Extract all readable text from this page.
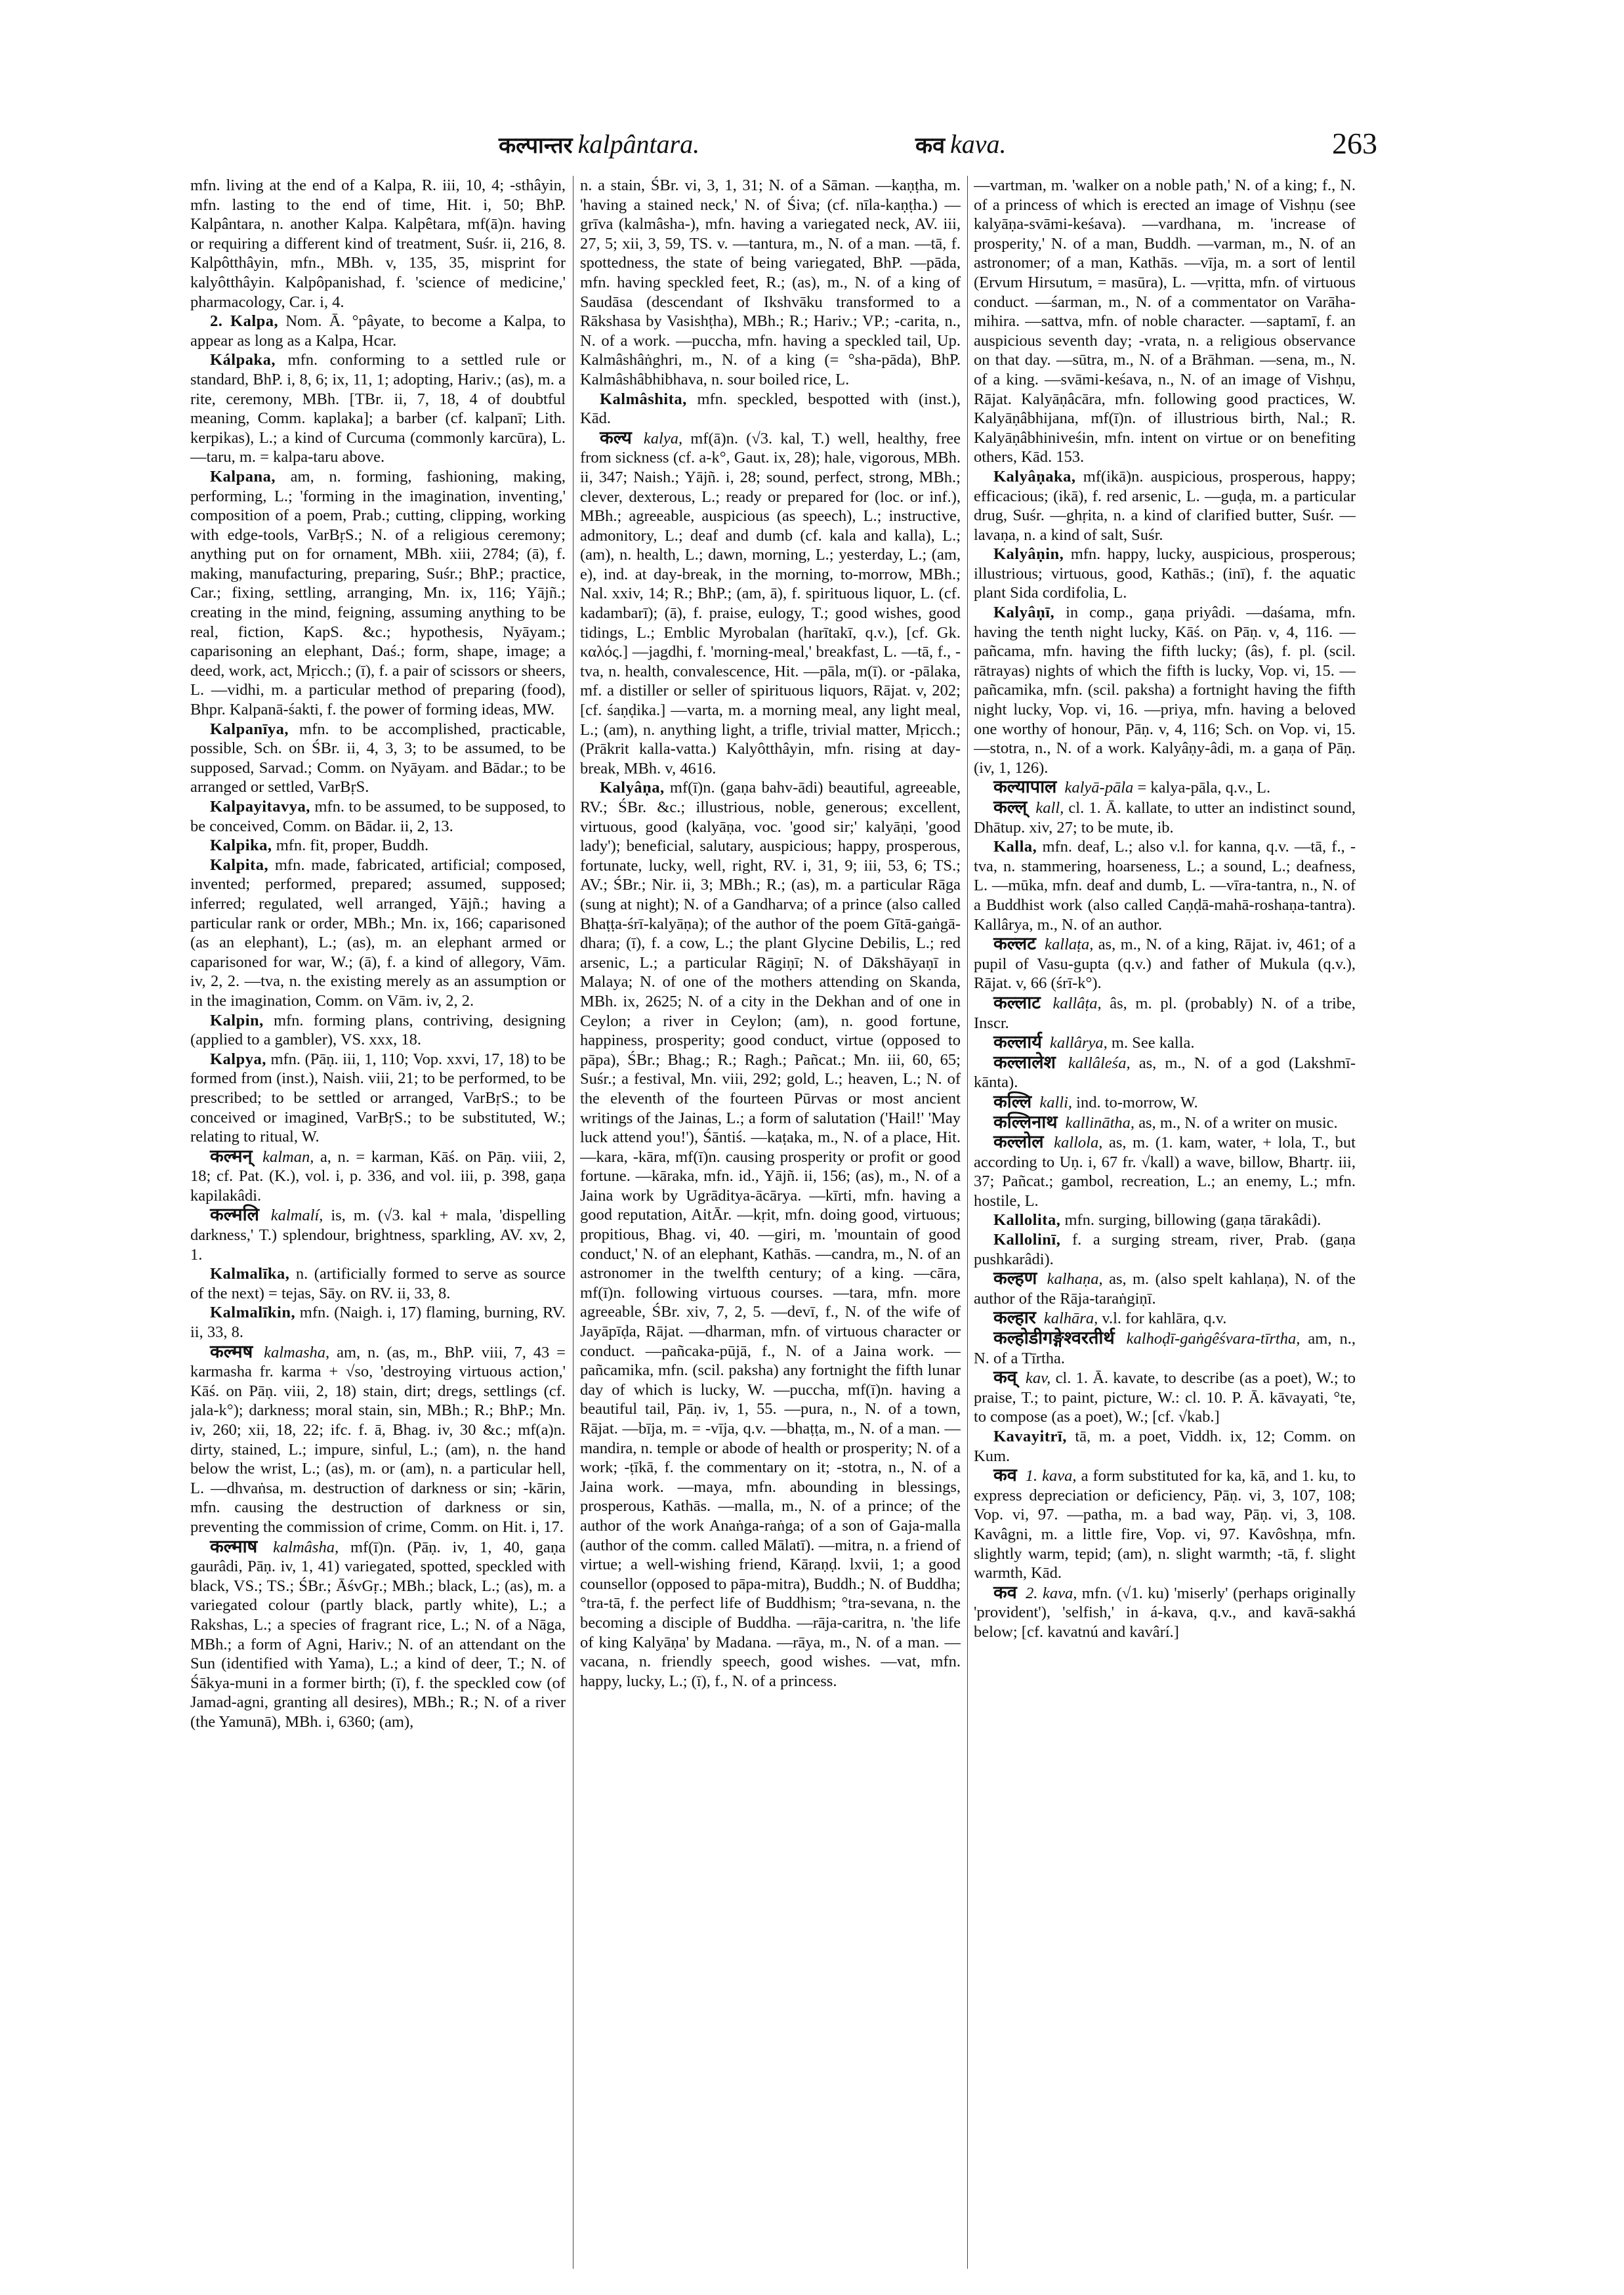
कल्पान्तर kalpântara.	कव kava.	263

mfn. living at the end of a Kalpa, R. iii, 10, 4; -sthâyin, mfn. lasting to the end of time, Hit. i, 50; BhP. Kalpântara, n. another Kalpa. Kalpêtara, mf(ā)n. having or requiring a different kind of treatment, Suśr. ii, 216, 8. Kalpôtthâyin, mfn., MBh. v, 135, 35, misprint for kalyôtthâyin. Kalpôpanishad, f. 'science of medicine,' pharmacology, Car. i, 4.

2. Kalpa, Nom. Ā. °pâyate, to become a Kalpa, to appear as long as a Kalpa, Hcar.

Kálpaka, mfn. conforming to a settled rule or standard, BhP. i, 8, 6; ix, 11, 1; adopting, Hariv.; (as), m. a rite, ceremony, MBh. [TBr. ii, 7, 18, 4 of doubtful meaning, Comm. kaplaka]; a barber (cf. kalpanī; Lith. kerpikas), L.; a kind of Curcuma (commonly karcūra), L. —taru, m. = kalpa-taru above.

Kalpana, am, n. forming, fashioning, making, performing, L.; 'forming in the imagination, inventing,' composition of a poem, Prab.; cutting, clipping, working with edge-tools, VarBṛS.; N. of a religious ceremony; anything put on for ornament, MBh. xiii, 2784; (ā), f. making, manufacturing, preparing, Suśr.; BhP.; practice, Car.; fixing, settling, arranging, Mn. ix, 116; Yājñ.; creating in the mind, feigning, assuming anything to be real, fiction, KapS. &c.; hypothesis, Nyāyam.; caparisoning an elephant, Daś.; form, shape, image; a deed, work, act, Mṛicch.; (ī), f. a pair of scissors or sheers, L. —vidhi, m. a particular method of preparing (food), Bhpr. Kalpanā-śakti, f. the power of forming ideas, MW.

Kalpanīya, mfn. to be accomplished, practicable, possible, Sch. on ŚBr. ii, 4, 3, 3; to be assumed, to be supposed, Sarvad.; Comm. on Nyāyam. and Bādar.; to be arranged or settled, VarBṛS.

Kalpayitavya, mfn. to be assumed, to be supposed, to be conceived, Comm. on Bādar. ii, 2, 13.

Kalpika, mfn. fit, proper, Buddh.

Kalpita, mfn. made, fabricated, artificial; composed, invented; performed, prepared; assumed, supposed; inferred; regulated, well arranged, Yājñ.; having a particular rank or order, MBh.; Mn. ix, 166; caparisoned (as an elephant), L.; (as), m. an elephant armed or caparisoned for war, W.; (ā), f. a kind of allegory, Vām. iv, 2, 2. —tva, n. the existing merely as an assumption or in the imagination, Comm. on Vām. iv, 2, 2.

Kalpin, mfn. forming plans, contriving, designing (applied to a gambler), VS. xxx, 18.

Kalpya, mfn. (Pāṇ. iii, 1, 110; Vop. xxvi, 17, 18) to be formed from (inst.), Naish. viii, 21; to be performed, to be prescribed; to be settled or arranged, VarBṛS.; to be conceived or imagined, VarBṛS.; to be substituted, W.; relating to ritual, W.

कल्मन् kalman, a, n. = karman, Kāś. on Pāṇ. viii, 2, 18; cf. Pat. (K.), vol. i, p. 336, and vol. iii, p. 398, gaṇa kapilakâdi.

कल्मलि kalmalí, is, m. (√3. kal + mala, 'dispelling darkness,' T.) splendour, brightness, sparkling, AV. xv, 2, 1.

Kalmalīka, n. (artificially formed to serve as source of the next) = tejas, Sāy. on RV. ii, 33, 8.

Kalmalīkin, mfn. (Naigh. i, 17) flaming, burning, RV. ii, 33, 8.

कल्मष kalmasha, am, n. (as, m., BhP. viii, 7, 43 = karmasha fr. karma + √so, 'destroying virtuous action,' Kāś. on Pāṇ. viii, 2, 18) stain, dirt; dregs, settlings (cf. jala-k°); darkness; moral stain, sin, MBh.; R.; BhP.; Mn. iv, 260; xii, 18, 22; ifc. f. ā, Bhag. iv, 30 &c.; mf(a)n. dirty, stained, L.; impure, sinful, L.; (am), n. the hand below the wrist, L.; (as), m. or (am), n. a particular hell, L. —dhvaṅsa, m. destruction of darkness or sin; -kārin, mfn. causing the destruction of darkness or sin, preventing the commission of crime, Comm. on Hit. i, 17.

कल्माष kalmâsha, mf(ī)n. (Pāṇ. iv, 1, 40, gaṇa gaurâdi, Pāṇ. iv, 1, 41) variegated, spotted, speckled with black, VS.; TS.; ŚBr.; ĀśvGṛ.; MBh.; black, L.; (as), m. a variegated colour (partly black, partly white), L.; a Rakshas, L.; a species of fragrant rice, L.; N. of a Nāga, MBh.; a form of Agni, Hariv.; N. of an attendant on the Sun (identified with Yama), L.; a kind of deer, T.; N. of Śākya-muni in a former birth; (ī), f. the speckled cow (of Jamad-agni, granting all desires), MBh.; R.; N. of a river (the Yamunā), MBh. i, 6360; (am),

n. a stain, ŚBr. vi, 3, 1, 31; N. of a Sāman. —kaṇṭha, m. 'having a stained neck,' N. of Śiva; (cf. nīla-kaṇṭha.) —grīva (kalmâsha-), mfn. having a variegated neck, AV. iii, 27, 5; xii, 3, 59, TS. v. —tantura, m., N. of a man. —tā, f. spottedness, the state of being variegated, BhP. —pāda, mfn. having speckled feet, R.; (as), m., N. of a king of Saudāsa (descendant of Ikshvāku transformed to a Rākshasa by Vasishṭha), MBh.; R.; Hariv.; VP.; -carita, n., N. of a work. —puccha, mfn. having a speckled tail, Up. Kalmâshâṅghri, m., N. of a king (= °sha-pāda), BhP. Kalmâshâbhibhava, n. sour boiled rice, L.

Kalmâshita, mfn. speckled, bespotted with (inst.), Kād.

कल्य kalya, mf(ā)n. (√3. kal, T.) well, healthy, free from sickness (cf. a-k°, Gaut. ix, 28); hale, vigorous, MBh. ii, 347; Naish.; Yājñ. i, 28; sound, perfect, strong, MBh.; clever, dexterous, L.; ready or prepared for (loc. or inf.), MBh.; agreeable, auspicious (as speech), L.; instructive, admonitory, L.; deaf and dumb (cf. kala and kalla), L.; (am), n. health, L.; dawn, morning, L.; yesterday, L.; (am, e), ind. at day-break, in the morning, to-morrow, MBh.; Nal. xxiv, 14; R.; BhP.; (am, ā), f. spirituous liquor, L. (cf. kadambarī); (ā), f. praise, eulogy, T.; good wishes, good tidings, L.; Emblic Myrobalan (harītakī, q.v.), [cf. Gk. καλός.] —jagdhi, f. 'morning-meal,' breakfast, L. —tā, f., -tva, n. health, convalescence, Hit. —pāla, m(ī). or -pālaka, mf. a distiller or seller of spirituous liquors, Rājat. v, 202; [cf. śaṇḍika.] —varta, m. a morning meal, any light meal, L.; (am), n. anything light, a trifle, trivial matter, Mṛicch.; (Prākrit kalla-vatta.) Kalyôtthâyin, mfn. rising at day-break, MBh. v, 4616.

Kalyâṇa, mf(ī)n. (gaṇa bahv-ādi) beautiful, agreeable, RV.; ŚBr. &c.; illustrious, noble, generous; excellent, virtuous, good (kalyāṇa, voc. 'good sir;' kalyāṇi, 'good lady'); beneficial, salutary, auspicious; happy, prosperous, fortunate, lucky, well, right, RV. i, 31, 9; iii, 53, 6; TS.; AV.; ŚBr.; Nir. ii, 3; MBh.; R.; (as), m. a particular Rāga (sung at night); N. of a Gandharva; of a prince (also called Bhaṭṭa-śrī-kalyāṇa); of the author of the poem Gītā-gaṅgā-dhara; (ī), f. a cow, L.; the plant Glycine Debilis, L.; red arsenic, L.; a particular Rāgiṇī; N. of Dākshāyaṇī in Malaya; N. of one of the mothers attending on Skanda, MBh. ix, 2625; N. of a city in the Dekhan and of one in Ceylon; a river in Ceylon; (am), n. good fortune, happiness, prosperity; good conduct, virtue (opposed to pāpa), ŚBr.; Bhag.; R.; Ragh.; Pañcat.; Mn. iii, 60, 65; Suśr.; a festival, Mn. viii, 292; gold, L.; heaven, L.; N. of the eleventh of the fourteen Pūrvas or most ancient writings of the Jainas, L.; a form of salutation ('Hail!' 'May luck attend you!'), Śāntiś. —kaṭaka, m., N. of a place, Hit. —kara, -kāra, mf(ī)n. causing prosperity or profit or good fortune. —kāraka, mfn. id., Yājñ. ii, 156; (as), m., N. of a Jaina work by Ugrāditya-ācārya. —kīrti, mfn. having a good reputation, AitĀr. —kṛit, mfn. doing good, virtuous; propitious, Bhag. vi, 40. —giri, m. 'mountain of good conduct,' N. of an elephant, Kathās. —candra, m., N. of an astronomer in the twelfth century; of a king. —cāra, mf(ī)n. following virtuous courses. —tara, mfn. more agreeable, ŚBr. xiv, 7, 2, 5. —devī, f., N. of the wife of Jayāpīḍa, Rājat. —dharman, mfn. of virtuous character or conduct. —pañcaka-pūjā, f., N. of a Jaina work. —pañcamika, mfn. (scil. paksha) any fortnight the fifth lunar day of which is lucky, W. —puccha, mf(ī)n. having a beautiful tail, Pāṇ. iv, 1, 55. —pura, n., N. of a town, Rājat. —bīja, m. = -vīja, q.v. —bhaṭṭa, m., N. of a man. —mandira, n. temple or abode of health or prosperity; N. of a work; -ṭīkā, f. the commentary on it; -stotra, n., N. of a Jaina work. —maya, mfn. abounding in blessings, prosperous, Kathās. —malla, m., N. of a prince; of the author of the work Anaṅga-raṅga; of a son of Gaja-malla (author of the comm. called Mālatī). —mitra, n. a friend of virtue; a well-wishing friend, Kāraṇḍ. lxvii, 1; a good counsellor (opposed to pāpa-mitra), Buddh.; N. of Buddha; °tra-tā, f. the perfect life of Buddhism; °tra-sevana, n. the becoming a disciple of Buddha. —rāja-caritra, n. 'the life of king Kalyāṇa' by Madana. —rāya, m., N. of a man. —vacana, n. friendly speech, good wishes. —vat, mfn. happy, lucky, L.; (ī), f., N. of a princess.

—vartman, m. 'walker on a noble path,' N. of a king; f., N. of a princess of which is erected an image of Vishṇu (see kalyāṇa-svāmi-keśava). —vardhana, m. 'increase of prosperity,' N. of a man, Buddh. —varman, m., N. of an astronomer; of a man, Kathās. —vīja, m. a sort of lentil (Ervum Hirsutum, = masūra), L. —vṛitta, mfn. of virtuous conduct. —śarman, m., N. of a commentator on Varāha-mihira. —sattva, mfn. of noble character. —saptamī, f. an auspicious seventh day; -vrata, n. a religious observance on that day. —sūtra, m., N. of a Brāhman. —sena, m., N. of a king. —svāmi-keśava, n., N. of an image of Vishṇu, Rājat. Kalyāṇâcāra, mfn. following good practices, W. Kalyāṇâbhijana, mf(ī)n. of illustrious birth, Nal.; R. Kalyāṇâbhiniveśin, mfn. intent on virtue or on benefiting others, Kād. 153.

Kalyâṇaka, mf(ikā)n. auspicious, prosperous, happy; efficacious; (ikā), f. red arsenic, L. —guḍa, m. a particular drug, Suśr. —ghṛita, n. a kind of clarified butter, Suśr. —lavaṇa, n. a kind of salt, Suśr.

Kalyâṇin, mfn. happy, lucky, auspicious, prosperous; illustrious; virtuous, good, Kathās.; (inī), f. the aquatic plant Sida cordifolia, L.

Kalyâṇī, in comp., gaṇa priyâdi. —daśama, mfn. having the tenth night lucky, Kāś. on Pāṇ. v, 4, 116. —pañcama, mfn. having the fifth lucky; (âs), f. pl. (scil. rātrayas) nights of which the fifth is lucky, Vop. vi, 15. —pañcamika, mfn. (scil. paksha) a fortnight having the fifth night lucky, Vop. vi, 16. —priya, mfn. having a beloved one worthy of honour, Pāṇ. v, 4, 116; Sch. on Vop. vi, 15. —stotra, n., N. of a work. Kalyâṇy-âdi, m. a gaṇa of Pāṇ. (iv, 1, 126).

कल्यापाल kalyā-pāla = kalya-pāla, q.v., L.

कल्ल् kall, cl. 1. Ā. kallate, to utter an indistinct sound, Dhātup. xiv, 27; to be mute, ib.

Kalla, mfn. deaf, L.; also v.l. for kanna, q.v. —tā, f., -tva, n. stammering, hoarseness, L.; a sound, L.; deafness, L. —mūka, mfn. deaf and dumb, L. —vīra-tantra, n., N. of a Buddhist work (also called Caṇḍā-mahā-roshaṇa-tantra). Kallârya, m., N. of an author.

कल्लट kallaṭa, as, m., N. of a king, Rājat. iv, 461; of a pupil of Vasu-gupta (q.v.) and father of Mukula (q.v.), Rājat. v, 66 (śrī-k°).

कल्लाट kallâṭa, âs, m. pl. (probably) N. of a tribe, Inscr.

कल्लार्य kallârya, m. See kalla.

कल्लालेश kallâleśa, as, m., N. of a god (Lakshmī-kānta).

कल्लि kalli, ind. to-morrow, W.

कल्लिनाथ kallinātha, as, m., N. of a writer on music.

कल्लोल kallola, as, m. (1. kam, water, + lola, T., but according to Uṇ. i, 67 fr. √kall) a wave, billow, Bhartṛ. iii, 37; Pañcat.; gambol, recreation, L.; an enemy, L.; mfn. hostile, L.

Kallolita, mfn. surging, billowing (gaṇa tārakâdi).

Kallolinī, f. a surging stream, river, Prab. (gaṇa pushkarâdi).

कल्हण kalhaṇa, as, m. (also spelt kahlaṇa), N. of the author of the Rāja-taraṅgiṇī.

कल्हार kalhāra, v.l. for kahlāra, q.v.

कल्होडीगङ्गेश्वरतीर्थ kalhoḍī-gaṅgêśvara-tīrtha, am, n., N. of a Tīrtha.

कव् kav, cl. 1. Ā. kavate, to describe (as a poet), W.; to praise, T.; to paint, picture, W.: cl. 10. P. Ā. kāvayati, °te, to compose (as a poet), W.; [cf. √kab.]

Kavayitrī, tā, m. a poet, Viddh. ix, 12; Comm. on Kum.

कव 1. kava, a form substituted for ka, kā, and 1. ku, to express depreciation or deficiency, Pāṇ. vi, 3, 107, 108; Vop. vi, 97. —patha, m. a bad way, Pāṇ. vi, 3, 108. Kavâgni, m. a little fire, Vop. vi, 97. Kavôshṇa, mfn. slightly warm, tepid; (am), n. slight warmth; -tā, f. slight warmth, Kād.

कव 2. kava, mfn. (√1. ku) 'miserly' (perhaps originally 'provident'), 'selfish,' in á-kava, q.v., and kavā-sakhá below; [cf. kavatnú and kavârí.]
